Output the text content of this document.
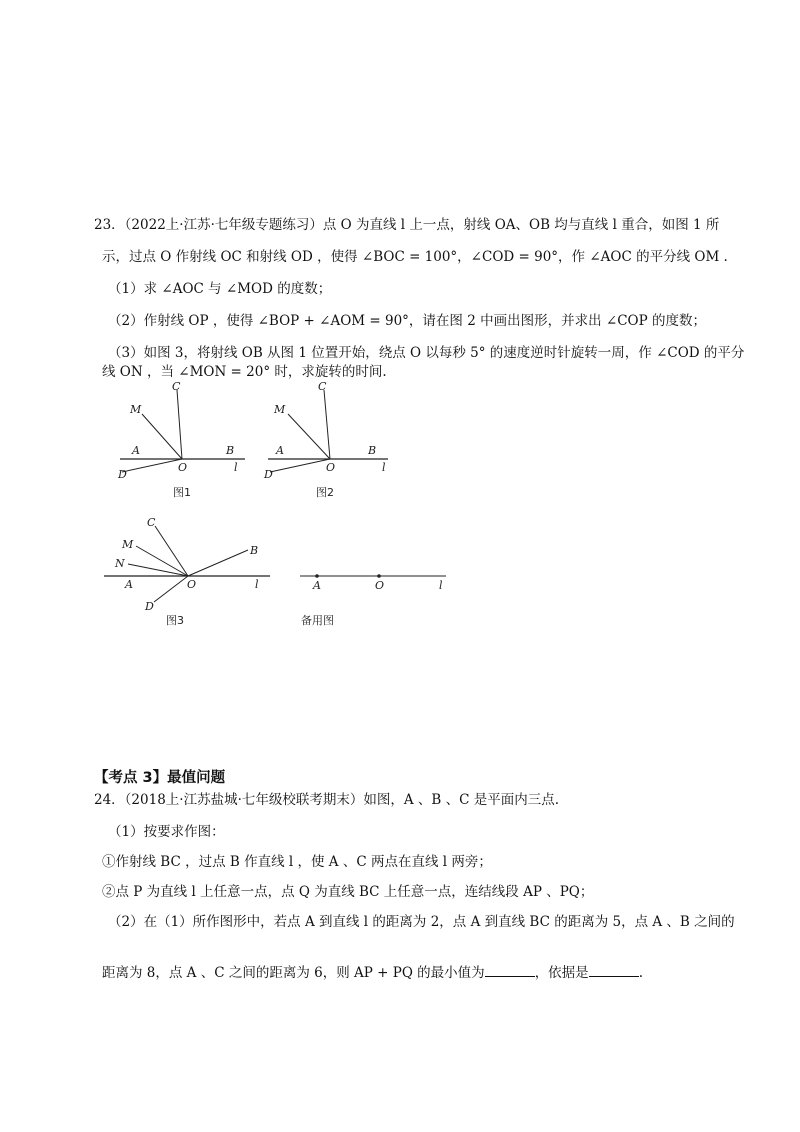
23．（2022上·江苏·七年级专题练习）点 O 为直线 l 上一点，射线 OA、OB 均与直线 l 重合，如图 1 所
示，过点 O 作射线 OC 和射线 OD ，使得 ∠BOC = 100°，∠COD = 90°，作 ∠AOC 的平分线 OM .
（1）求 ∠AOC 与 ∠MOD 的度数；
（2）作射线 OP ，使得 ∠BOP + ∠AOM = 90°，请在图 2 中画出图形，并求出 ∠COP 的度数；
（3）如图 3，将射线 OB 从图 1 位置开始，绕点 O 以每秒 5° 的速度逆时针旋转一周，作 ∠COD 的平分
线 ON ，当 ∠MON = 20° 时，求旋转的时间.
C
M
A	B
O	l
D
图1
C
M
A	B
O	l
D
图2
C
M
N
A
B
O	l
D
图3
A	O	l
备用图
【考点 3】最值问题
24．（2018上·江苏盐城·七年级校联考期末）如图，A 、B 、C 是平面内三点.
（1）按要求作图：
①作射线 BC ，过点 B 作直线 l ，使 A 、C 两点在直线 l 两旁；
②点 P 为直线 l 上任意一点，点 Q 为直线 BC 上任意一点，连结线段 AP 、PQ；
（2）在（1）所作图形中，若点 A 到直线 l 的距离为 2，点 A 到直线 BC 的距离为 5，点 A 、B 之间的
距离为 8，点 A 、C 之间的距离为 6，则 AP + PQ 的最小值为	，依据是	.
